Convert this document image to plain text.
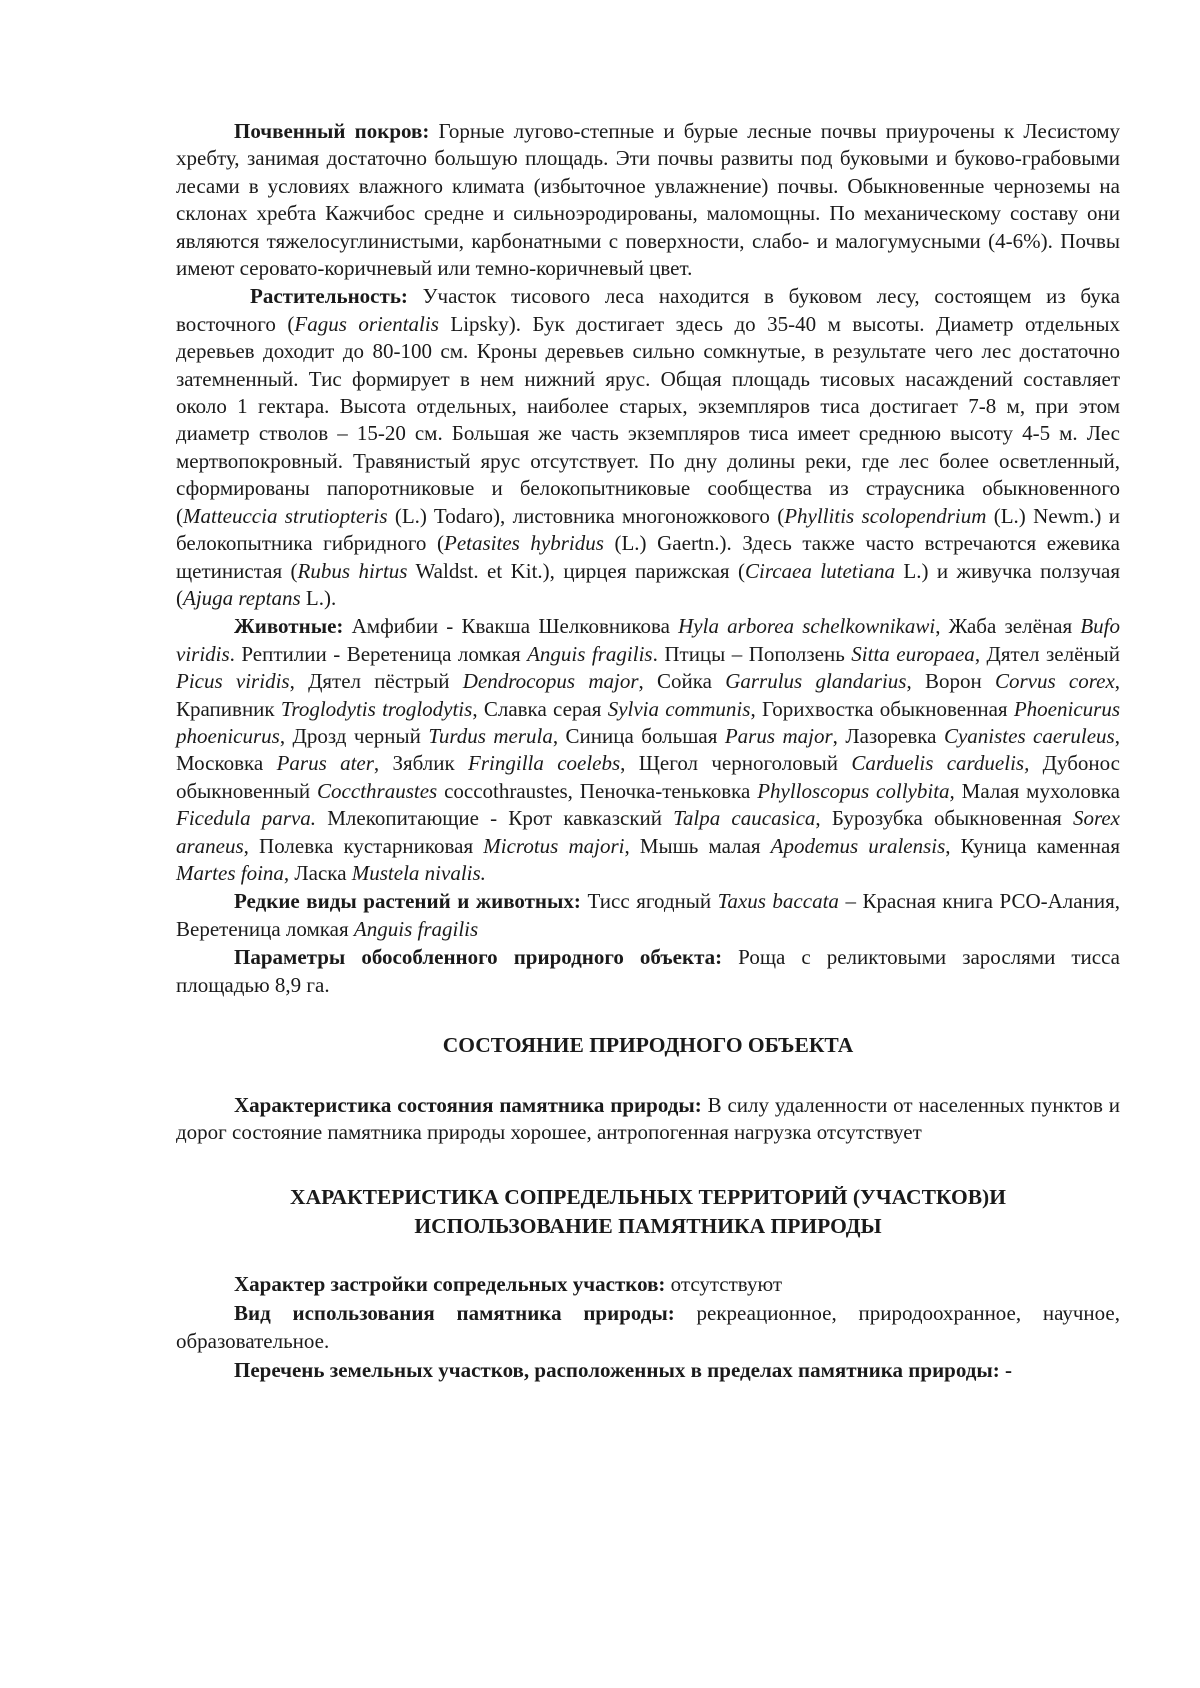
Почвенный покров: Горные лугово-степные и бурые лесные почвы приурочены к Лесистому хребту, занимая достаточно большую площадь. Эти почвы развиты под буковыми и буково-грабовыми лесами в условиях влажного климата (избыточное увлажнение) почвы. Обыкновенные черноземы на склонах хребта Кажчибос средне и сильноэродированы, маломощны. По механическому составу они являются тяжелосуглинистыми, карбонатными с поверхности, слабо- и малогумусными (4-6%). Почвы имеют серовато-коричневый или темно-коричневый цвет.

Растительность: Участок тисового леса находится в буковом лесу, состоящем из бука восточного (Fagus orientalis Lipsky). Бук достигает здесь до 35-40 м высоты. Диаметр отдельных деревьев доходит до 80-100 см. Кроны деревьев сильно сомкнутые, в результате чего лес достаточно затемненный. Тис формирует в нем нижний ярус. Общая площадь тисовых насаждений составляет около 1 гектара. Высота отдельных, наиболее старых, экземпляров тиса достигает 7-8 м, при этом диаметр стволов – 15-20 см. Большая же часть экземпляров тиса имеет среднюю высоту 4-5 м. Лес мертвопокровный. Травянистый ярус отсутствует. По дну долины реки, где лес более осветленный, сформированы папоротниковые и белокопытниковые сообщества из страусника обыкновенного (Matteuccia strutiopteris (L.) Todaro), листовника многоножкового (Phyllitis scolopendrium (L.) Newm.) и белокопытника гибридного (Petasites hybridus (L.) Gaertn.). Здесь также часто встречаются ежевика щетинистая (Rubus hirtus Waldst. et Kit.), цирцея парижская (Circaea lutetiana L.) и живучка ползучая (Ajuga reptans L.).

Животные: Амфибии - Квакша Шелковникова Hyla arborea schelkownikawi, Жаба зелёная Bufo viridis. Рептилии - Веретеница ломкая Anguis fragilis. Птицы – Поползень Sitta europaea, Дятел зелёный Picus viridis, Дятел пёстрый Dendrocopus major, Сойка Garrulus glandarius, Ворон Corvus corex, Крапивник Troglodytis troglodytis, Славка серая Sylvia communis, Горихвостка обыкновенная Phoenicurus phoenicurus, Дрозд черный Turdus merula, Синица большая Parus major, Лазоревка Cyanistes caeruleus, Московка Parus ater, Зяблик Fringilla coelebs, Щегол черноголовый Carduelis carduelis, Дубонос обыкновенный Coccthraustes coccothraustes, Пеночка-теньковка Phylloscopus collybita, Малая мухоловка Ficedula parva. Млекопитающие - Крот кавказский Talpa caucasica, Бурозубка обыкновенная Sorex araneus, Полевка кустарниковая Microtus majori, Мышь малая Apodemus uralensis, Куница каменная Martes foina, Ласка Mustela nivalis.

Редкие виды растений и животных: Тисс ягодный Taxus baccata – Красная книга РСО-Алания, Веретеница ломкая Anguis fragilis

Параметры обособленного природного объекта: Роща с реликтовыми зарослями тисса площадью 8,9 га.

СОСТОЯНИЕ ПРИРОДНОГО ОБЪЕКТА

Характеристика состояния памятника природы: В силу удаленности от населенных пунктов и дорог состояние памятника природы хорошее, антропогенная нагрузка отсутствует

ХАРАКТЕРИСТИКА СОПРЕДЕЛЬНЫХ ТЕРРИТОРИЙ (УЧАСТКОВ)И
ИСПОЛЬЗОВАНИЕ ПАМЯТНИКА ПРИРОДЫ

Характер застройки сопредельных участков: отсутствуют

Вид использования памятника природы: рекреационное, природоохранное, научное, образовательное.

Перечень земельных участков, расположенных в пределах памятника природы: -
